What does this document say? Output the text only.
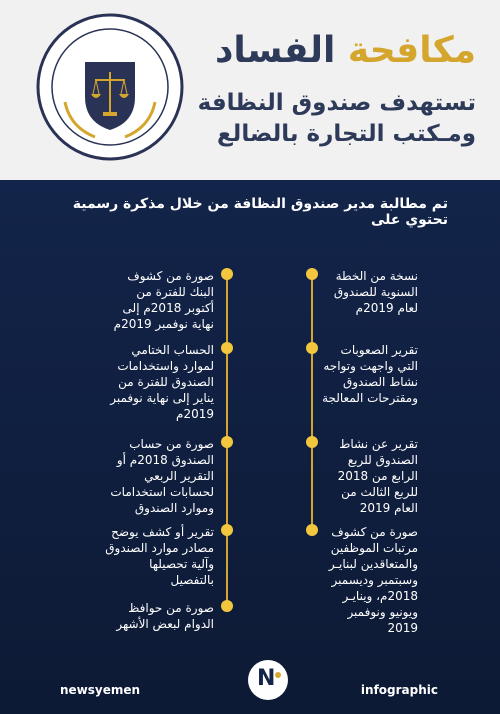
مكافحة الفساد
تستهدف صندوق النظافة
ومـكتب التجارة بالضالع
تم مطالبة مدير صندوق النظافة من خلال مذكرة رسمية تحتوي على
نسخة من الخطة السنوية للصندوق لعام 2019م
تقرير الصعوبات التي واجهت وتواجه نشاط الصندوق ومقترحات المعالجة
تقرير عن نشاط الصندوق للربع الرابع من 2018 للربع الثالث من العام 2019
صورة من كشوف مرتبات الموظفين والمتعاقدين لبنايـر وسبتمبر وديسمبر 2018م، وينايـر ويونيو ونوفمبر 2019
صورة من كشوف البنك للفترة من أكتوبر 2018م إلى نهاية نوفمبر 2019م
الحساب الختامي لموارد واستخدامات الصندوق للفترة من يناير إلى نهاية نوفمبر 2019م
صورة من حساب الصندوق 2018م أو التقرير الربعي لحسابات استخدامات وموارد الصندوق
تقرير أو كشف يوضح مصادر موارد الصندوق وآلية تحصيلها بالتفصيل
صورة من حوافظ الدوام لبعض الأشهر
newsyemen	infographic
N
